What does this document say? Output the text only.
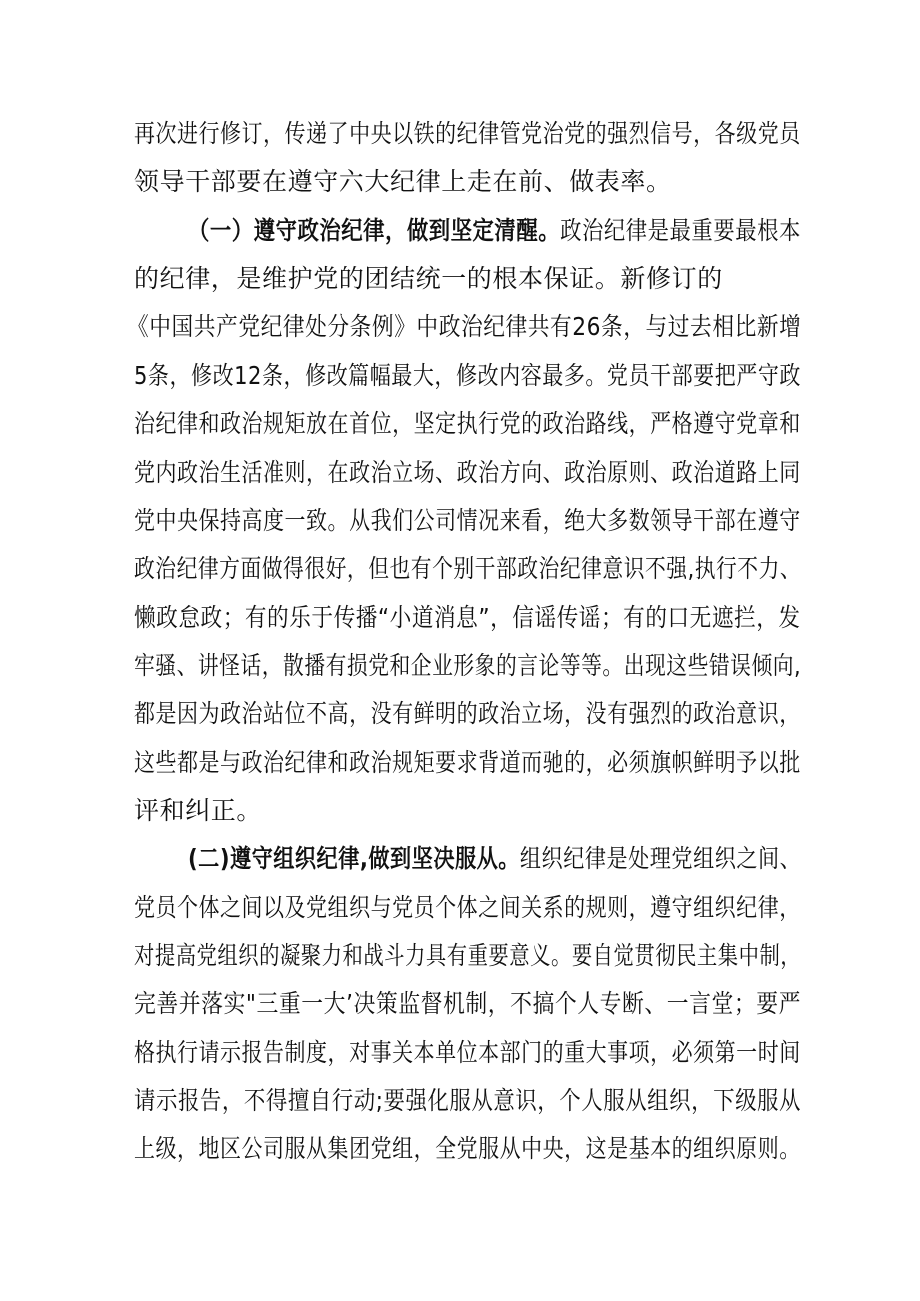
再次进行修订，传递了中央以铁的纪律管党治党的强烈信号，各级党员
领导干部要在遵守六大纪律上走在前、做表率。
（一）遵守政治纪律，做到坚定清醒。政治纪律是最重要最根本
的纪律，是维护党的团结统一的根本保证。新修订的
《中国共产党纪律处分条例》中政治纪律共有26条，与过去相比新增
5条，修改12条，修改篇幅最大，修改内容最多。党员干部要把严守政
治纪律和政治规矩放在首位，坚定执行党的政治路线，严格遵守党章和
党内政治生活准则，在政治立场、政治方向、政治原则、政治道路上同
党中央保持高度一致。从我们公司情况来看，绝大多数领导干部在遵守
政治纪律方面做得很好，但也有个别干部政治纪律意识不强,执行不力、
懒政怠政；有的乐于传播“小道消息”，信谣传谣；有的口无遮拦，发
牢骚、讲怪话，散播有损党和企业形象的言论等等。出现这些错误倾向,
都是因为政治站位不高，没有鲜明的政治立场，没有强烈的政治意识，
这些都是与政治纪律和政治规矩要求背道而驰的，必须旗帜鲜明予以批
评和纠正。
(二)遵守组织纪律,做到坚决服从。组织纪律是处理党组织之间、
党员个体之间以及党组织与党员个体之间关系的规则，遵守组织纪律，
对提高党组织的凝聚力和战斗力具有重要意义。要自觉贯彻民主集中制，
完善并落实"三重一大’决策监督机制，不搞个人专断、一言堂；要严
格执行请示报告制度，对事关本单位本部门的重大事项，必须第一时间
请示报告，不得擅自行动;要强化服从意识，个人服从组织，下级服从
上级，地区公司服从集团党组，全党服从中央，这是基本的组织原则。
